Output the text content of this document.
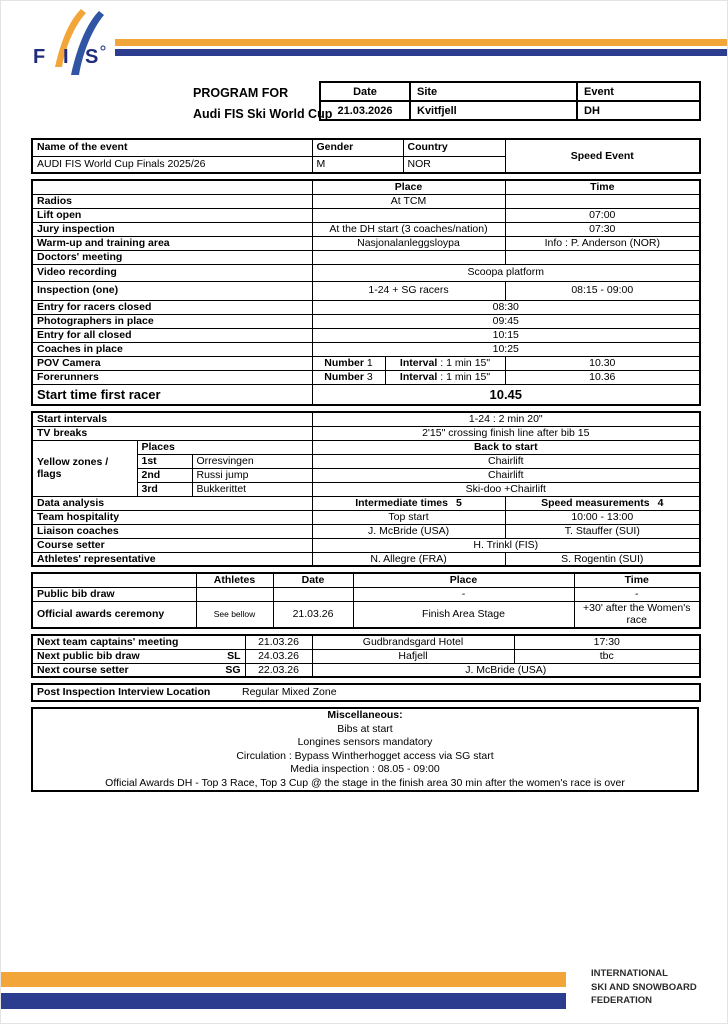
F I S
PROGRAM FOR
Audi FIS Ski World Cup
Date	Site	Event
21.03.2026	Kvitfjell	DH
Name of the event	Gender	Country	Speed Event
AUDI FIS World Cup Finals 2025/26	M	NOR	
	Place		Time
Radios	At TCM		
Lift open			07:00
Jury inspection	At the DH start (3 coaches/nation)		07:30
Warm-up and training area	Nasjonalanleggsloypa		Info : P. Anderson (NOR)
Doctors' meeting			
Video recording	Scoopa platform		
Inspection (one)	1-24 + SG racers		08:15 - 09:00
Entry for racers closed	08:30		
Photographers in place	09:45		
Entry for all closed	10:15		
Coaches in place	10:25		
POV Camera	Number 1	Interval : 1 min 15"	10.30
Forerunners	Number 3	Interval : 1 min 15"	10.36
Start time first racer	10.45		
Start intervals			1-24 : 2 min 20"	
TV breaks			2'15" crossing finish line after bib 15	

Yellow zones /
flags	Places		Back to start	
	1st	Orresvingen	Chairlift	
	2nd	Russi jump	Chairlift	
	3rd	Bukkerittet	Ski-doo +Chairlift	
Data analysis			Intermediate times 5	Speed measurements 4
Team hospitality			Top start	10:00 - 13:00
Liaison coaches			J. McBride (USA)	T. Stauffer (SUI)
Course setter			H. Trinkl (FIS)	
Athletes' representative			N. Allegre (FRA)	S. Rogentin (SUI)
	Athletes	Date	Place	Time
Public bib draw			-	-
Official awards ceremony	See bellow	21.03.26	Finish Area Stage	+30' after the Women's race
Next team captains' meeting	21.03.26	Gudbrandsgard Hotel	17:30

Next public bib draw SL	24.03.26	Hafjell	tbc

Next course setter SG	22.03.26	J. McBride (USA)	
Post Inspection Interview Location	Regular Mixed Zone
Miscellaneous:
Bibs at start
Longines sensors mandatory
Circulation : Bypass Wintherhogget access via SG start
Media inspection : 08.05 - 09:00
Official Awards DH - Top 3 Race, Top 3 Cup @ the stage in the finish area 30 min after the women's race is over
INTERNATIONAL
SKI AND SNOWBOARD
FEDERATION
